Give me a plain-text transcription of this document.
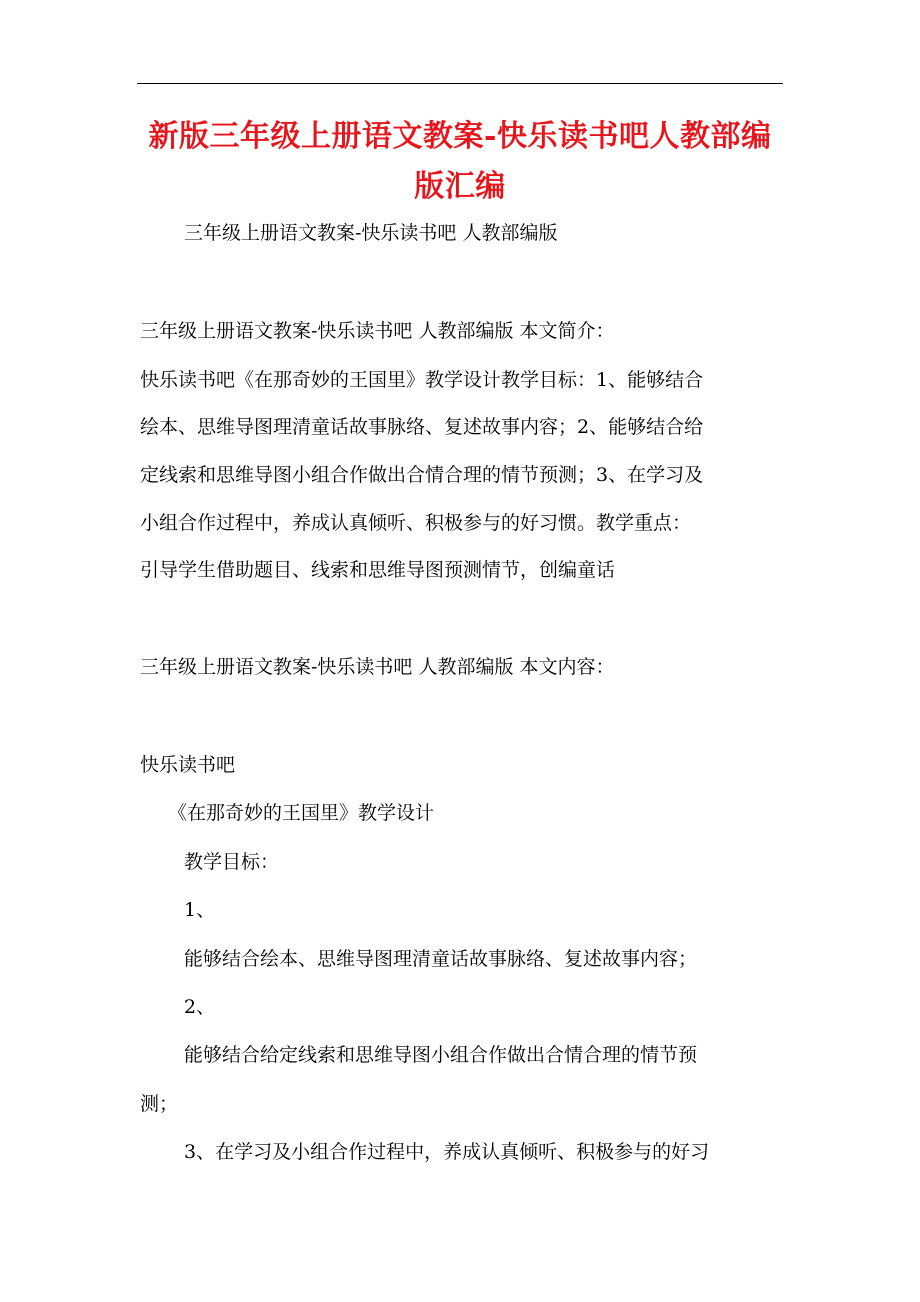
新版三年级上册语文教案-快乐读书吧人教部编
版汇编
三年级上册语文教案-快乐读书吧 人教部编版
三年级上册语文教案-快乐读书吧 人教部编版 本文简介：
快乐读书吧《在那奇妙的王国里》教学设计教学目标：1、能够结合
绘本、思维导图理清童话故事脉络、复述故事内容；2、能够结合给
定线索和思维导图小组合作做出合情合理的情节预测；3、在学习及
小组合作过程中，养成认真倾听、积极参与的好习惯。教学重点：
引导学生借助题目、线索和思维导图预测情节，创编童话
三年级上册语文教案-快乐读书吧 人教部编版 本文内容：
快乐读书吧
《在那奇妙的王国里》教学设计
教学目标：
1、
能够结合绘本、思维导图理清童话故事脉络、复述故事内容；
2、
能够结合给定线索和思维导图小组合作做出合情合理的情节预
测；
3、在学习及小组合作过程中，养成认真倾听、积极参与的好习
